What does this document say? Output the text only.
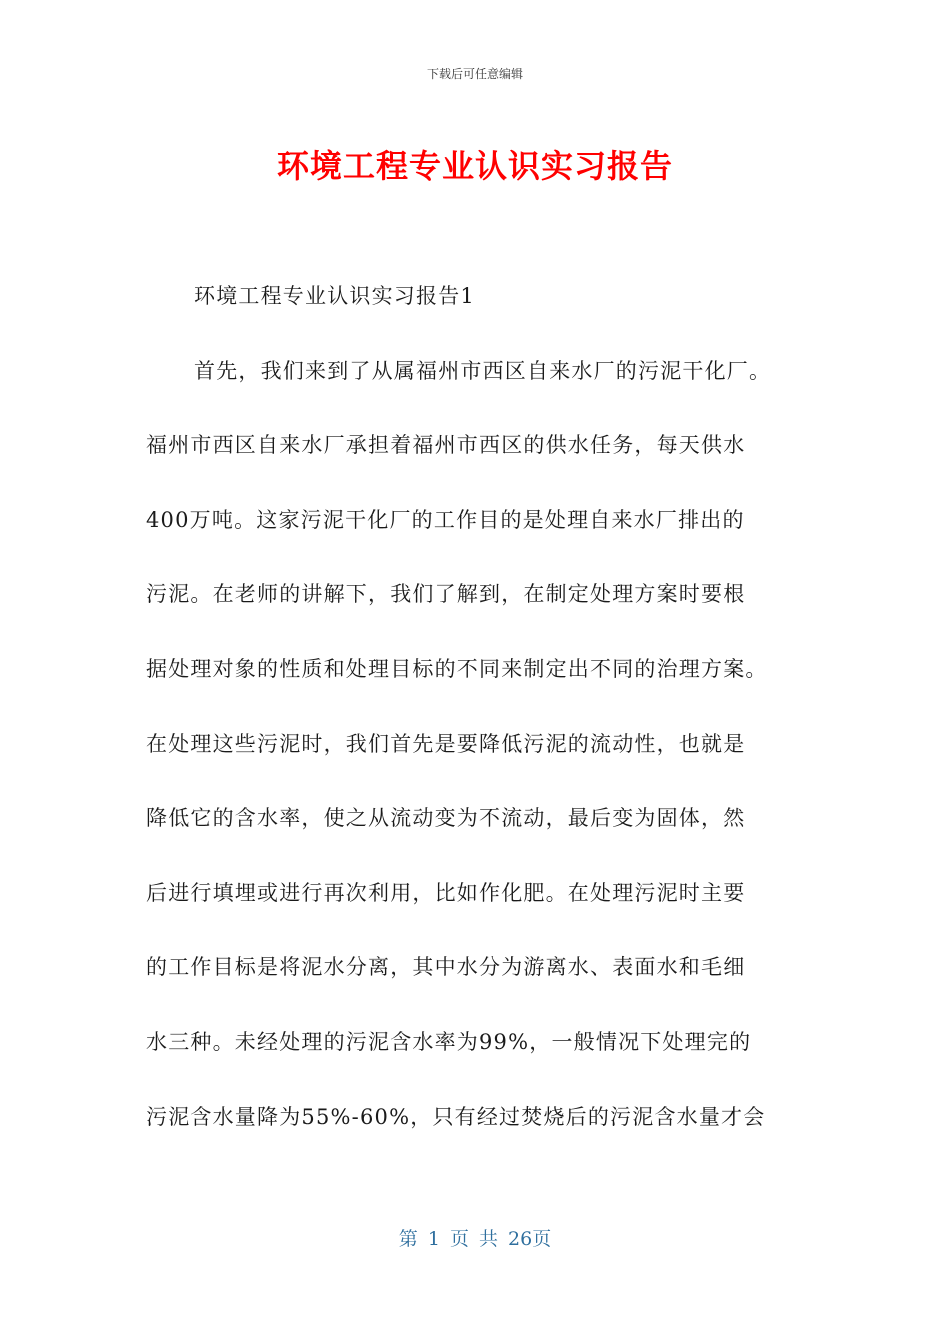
下载后可任意编辑
环境工程专业认识实习报告
环境工程专业认识实习报告1
首先，我们来到了从属福州市西区自来水厂的污泥干化厂。
福州市西区自来水厂承担着福州市西区的供水任务，每天供水
400万吨。这家污泥干化厂的工作目的是处理自来水厂排出的
污泥。在老师的讲解下，我们了解到，在制定处理方案时要根
据处理对象的性质和处理目标的不同来制定出不同的治理方案。
在处理这些污泥时，我们首先是要降低污泥的流动性，也就是
降低它的含水率，使之从流动变为不流动，最后变为固体，然
后进行填埋或进行再次利用，比如作化肥。在处理污泥时主要
的工作目标是将泥水分离，其中水分为游离水、表面水和毛细
水三种。未经处理的污泥含水率为99%，一般情况下处理完的
污泥含水量降为55%-60%，只有经过焚烧后的污泥含水量才会
第 1 页 共 26页
